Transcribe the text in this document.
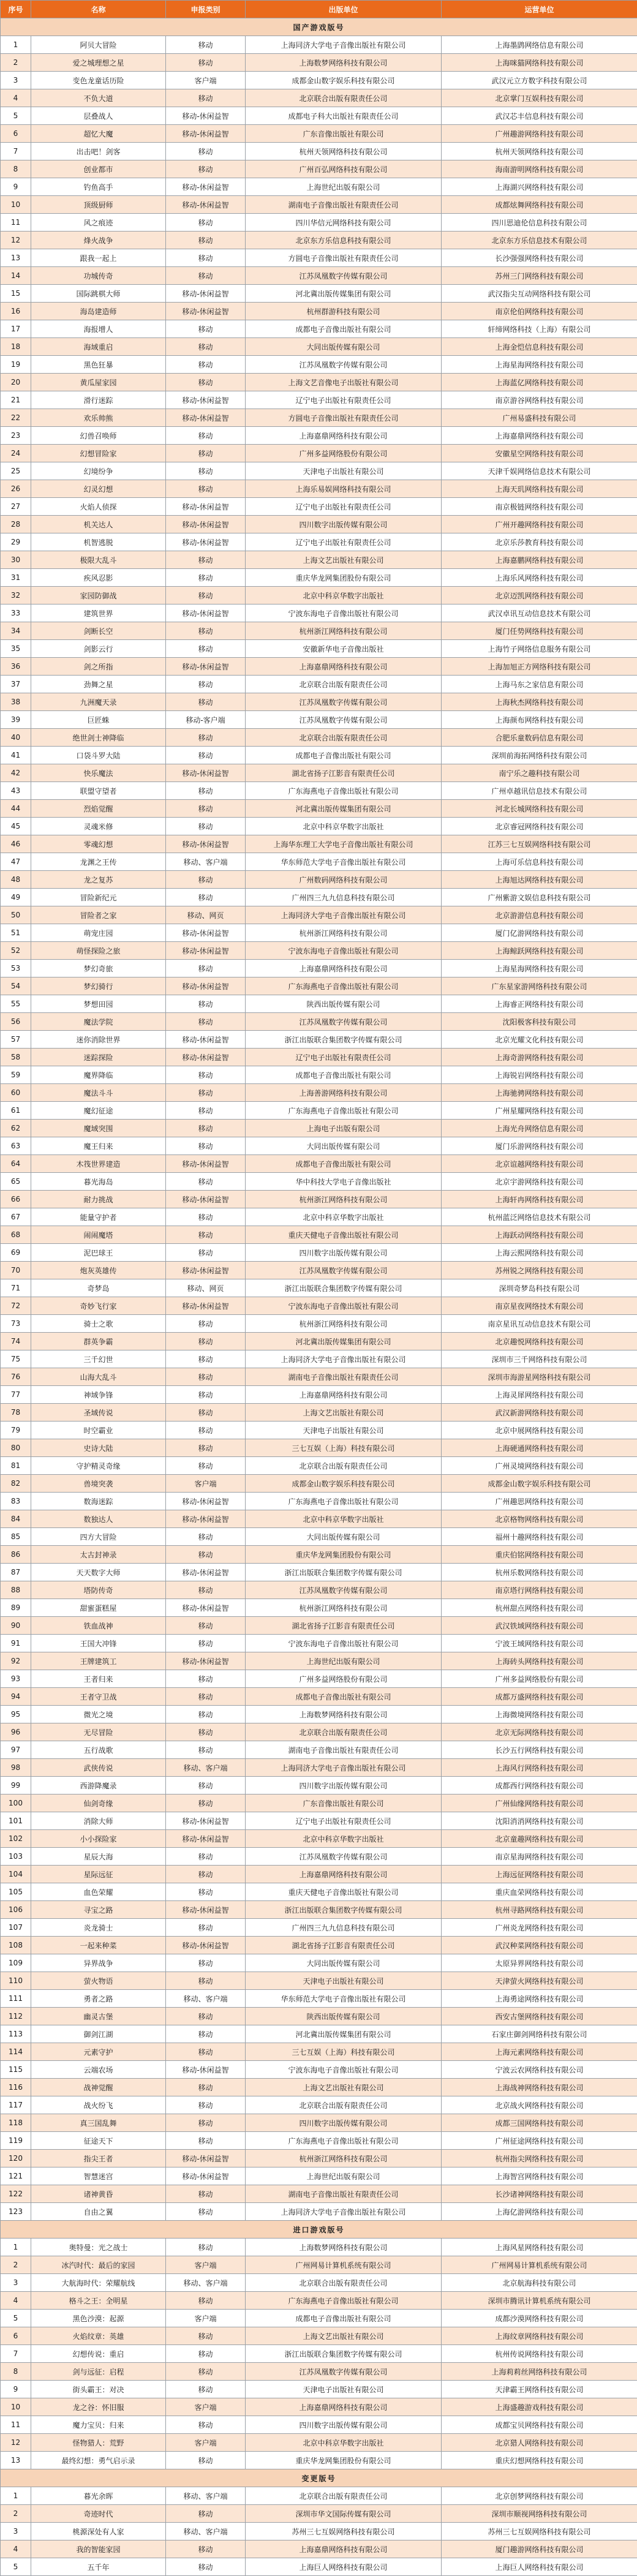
序号	名称	申报类别	出版单位	运营单位
国产游戏版号				
1	阿贝大冒险	移动	上海同济大学电子音像出版社有限公司	上海墨鹍网络信息有限公司
2	爱之城理想之星	移动	上海数梦网络科技有限公司	上海咪猫网络科技有限公司
3	变色龙童话历险	客户端	成都金山数字娱乐科技有限公司	武汉元立方数字科技有限公司
4	不负大道	移动	北京联合出版有限责任公司	北京掌门互娱科技有限公司
5	层叠战人	移动-休闲益智	成都电子科大出版社有限责任公司	武汉芯丰信息科技有限公司
6	超忆大魔	移动-休闲益智	广东音像出版社有限公司	广州趣游网络科技有限公司
7	出击吧！剑客	移动	杭州天领网络科技有限公司	杭州天领网络科技有限公司
8	创业都市	移动	广州百弘网络科技有限公司	海南游明网络科技有限公司
9	钓鱼高手	移动-休闲益智	上海世纪出版有限公司	上海湖兴网络科技有限公司
10	顶级厨师	移动-休闲益智	湖南电子音像出版社有限责任公司	成都炫舞网络科技有限公司
11	风之痕迹	移动	四川华信元网络科技有限公司	四川思迪伦信息科技有限公司
12	烽火战争	移动	北京东方乐信息科技有限公司	北京东方乐信息技术有限公司
13	跟我一起上	移动	方圆电子音像出版社有限责任公司	长沙强强网络科技有限公司
14	功城传奇	移动	江苏凤凰数字传媒有限公司	苏州三门网络科技有限公司
15	国际跳棋大师	移动-休闲益智	河北冀出版传媒集团有限公司	武汉指尖互动网络科技有限公司
16	海岛建造师	移动-休闲益智	杭州群游科技有限公司	南京伦伯网络科技有限公司
17	海报增人	移动	成都电子音像出版社有限公司	轩缔网络科技（上海）有限公司
18	海域重启	移动	大同出版传媒有限公司	上海金恺信息科技有限公司
19	黑色狂暴	移动	江苏凤凰数字传媒有限公司	上海星海网络科技有限公司
20	黄瓜屋家园	移动	上海文艺音像电子出版社有限公司	上海蓝亿网络科技有限公司
21	滑行迷踪	移动-休闲益智	辽宁电子出版社有限责任公司	南京游谷网络科技有限公司
22	欢乐帅熊	移动-休闲益智	方圆电子音像出版社有限责任公司	广州易盛科技有限公司
23	幻兽召唤师	移动	上海嘉鼎网络科技有限公司	上海嘉鼎网络科技有限公司
24	幻想冒险家	移动	广州多益网络股份有限公司	安徽星空网络科技有限公司
25	幻境纷争	移动	天津电子出版社有限公司	天津千娱网络信息技术有限公司
26	幻灵幻想	移动	上海乐易娱网络科技有限公司	上海天玑网络科技有限公司
27	火焰人侦探	移动-休闲益智	辽宁电子出版社有限责任公司	南京极链网络科技有限公司
28	机关达人	移动-休闲益智	四川数字出版传媒有限公司	广州开趣网络科技有限公司
29	机智逃脱	移动-休闲益智	辽宁电子出版社有限责任公司	北京乐莎教育科技有限公司
30	极限大乱斗	移动	上海文艺出版社有限公司	上海嘉鹏网络科技有限公司
31	疾风忍影	移动	重庆华龙网集团股份有限公司	上海乐风网络科技有限公司
32	家园防御战	移动	北京中科京华数字出版社	北京迈凯网络科技有限公司
33	建筑世界	移动-休闲益智	宁波东海电子音像出版社有限公司	武汉卓讯互动信息技术有限公司
34	剑断长空	移动	杭州浙江网络科技有限公司	厦门任势网络科技有限公司
35	剑影云行	移动	安徽新华电子音像出版社	上海竹子网络信息服务有限公司
36	剑之所指	移动-休闲益智	上海嘉鼎网络科技有限公司	上海加旭正方网络科技有限公司
37	劲舞之星	移动	北京联合出版有限责任公司	上海马东之家信息有限公司
38	九洲魔天录	移动	江苏凤凰数字传媒有限公司	上海秋杰网络科技有限公司
39	巨匠蛛	移动-客户端	江苏凤凰数字传媒有限公司	上海颜布网络科技有限公司
40	绝世剑士神降临	移动	北京联合出版有限责任公司	合肥乐童数码信息有限公司
41	口袋斗罗大陆	移动	成都电子音像出版社有限公司	深圳前海拓网络科技有限公司
42	快乐魔法	移动-休闲益智	湖北省扬子江影音有限责任公司	南宁乐之趣科技有限公司
43	联盟守望者	移动	广东海燕电子音像出版社有限公司	广州卓越讯信息技术有限公司
44	烈焰觉醒	移动	河北冀出版传媒集团有限公司	河北长城网络科技有限公司
45	灵魂米修	移动	北京中科京华数字出版社	北京睿冠网络科技有限公司
46	零魂幻想	移动-休闲益智	上海华东理工大学电子音像出版社有限公司	江苏三七互娱网络科技有限公司
47	龙渊之王传	移动、客户端	华东师范大学电子音像出版社有限公司	上海可乐信息科技有限公司
48	龙之复苏	移动	广州数码网络科技有限公司	上海旭达网络科技有限公司
49	冒险新纪元	移动	广州四三九九信息科技有限公司	广州紫游文娱信息科技有限公司
50	冒险者之家	移动、网页	上海同济大学电子音像出版社有限公司	北京游游信息科技有限公司
51	萌宠庄园	移动-休闲益智	杭州浙江网络科技有限公司	厦门亿游网络科技有限公司
52	萌怪探险之旅	移动-休闲益智	宁波东海电子音像出版社有限公司	上海鲸跃网络科技有限公司
53	梦幻奇旅	移动	上海嘉鼎网络科技有限公司	上海星海网络科技有限公司
54	梦幻骑行	移动-休闲益智	广东海燕电子音像出版社有限公司	广东星家游网络科技有限公司
55	梦想田园	移动	陕西出版传媒有限公司	上海睿正网络科技有限公司
56	魔法学院	移动	江苏凤凰数字传媒有限公司	沈阳极客科技有限公司
57	迷你消除世界	移动-休闲益智	浙江出版联合集团数字传媒有限公司	北京光耀文化科技有限公司
58	迷踪探险	移动-休闲益智	辽宁电子出版社有限责任公司	上海奇游网络科技有限公司
59	魔界降临	移动	成都电子音像出版社有限公司	上海锐岩网络科技有限公司
60	魔法斗斗	移动	上海善游网络科技有限公司	上海驰骋网络科技有限公司
61	魔幻征途	移动	广东海燕电子音像出版社有限公司	广州星耀网络科技有限公司
62	魔域突围	移动	上海电子出版有限公司	上海光舟网络信息有限公司
63	魔王归来	移动	大同出版传媒有限公司	厦门乐游网络科技有限公司
64	木筏世界建造	移动-休闲益智	成都电子音像出版社有限公司	北京谊越网络科技有限公司
65	暮光海岛	移动	华中科技大学电子音像出版社	北京宇游网络科技有限公司
66	耐力挑战	移动-休闲益智	杭州浙江网络科技有限公司	上海轩冉网络科技有限公司
67	能量守护者	移动	北京中科京华数字出版社	杭州蓝泛网络信息技术有限公司
68	闹闹魔塔	移动	重庆天健电子音像出版社有限公司	上海跃动网络科技有限公司
69	泥巴球王	移动	四川数字出版传媒有限公司	上海云熙网络科技有限公司
70	炮灰英雄传	移动-休闲益智	江苏凤凰数字传媒有限公司	苏州锐之网络科技有限公司
71	奇梦岛	移动、网页	浙江出版联合集团数字传媒有限公司	深圳奇梦岛科技有限公司
72	奇妙飞行家	移动-休闲益智	宁波东海电子音像出版社有限公司	南京星夜网络技术有限公司
73	骑士之歌	移动	杭州浙江网络科技有限公司	南京星讯互动信息技术有限公司
74	群英争霸	移动	河北冀出版传媒集团有限公司	北京趣悦网络科技有限公司
75	三千幻世	移动	上海同济大学电子音像出版社有限公司	深圳市三千网络科技有限公司
76	山海大乱斗	移动	湖南电子音像出版社有限责任公司	深圳市海游星网络科技有限公司
77	神域争锋	移动	上海嘉鼎网络科技有限公司	上海灵犀网络科技有限公司
78	圣域传说	移动	上海文艺出版社有限公司	武汉新游网络科技有限公司
79	时空霸业	移动	天津电子出版社有限公司	北京中展网络科技有限公司
80	史诗大陆	移动	三七互娱（上海）科技有限公司	上海硬通网络科技有限公司
81	守护精灵奇缘	移动	北京联合出版有限责任公司	广州灵境网络科技有限公司
82	兽境突袭	客户端	成都金山数字娱乐科技有限公司	成都金山数字娱乐科技有限公司
83	数海迷踪	移动-休闲益智	广东海燕电子音像出版社有限公司	广州趣思网络科技有限公司
84	数独达人	移动-休闲益智	北京中科京华数字出版社	北京格物网络科技有限公司
85	四方大冒险	移动	大同出版传媒有限公司	福州十趣网络科技有限公司
86	太古封神录	移动	重庆华龙网集团股份有限公司	重庆伯铭网络科技有限公司
87	天天数字大师	移动-休闲益智	浙江出版联合集团数字传媒有限公司	杭州乐数网络科技有限公司
88	塔防传奇	移动	江苏凤凰数字传媒有限公司	南京塔行网络科技有限公司
89	甜蜜蛋糕屋	移动-休闲益智	杭州浙江网络科技有限公司	杭州甜点网络科技有限公司
90	铁血战神	移动	湖北省扬子江影音有限责任公司	武汉铁域网络科技有限公司
91	王国大冲锋	移动	宁波东海电子音像出版社有限公司	宁波王域网络科技有限公司
92	王牌建筑工	移动-休闲益智	上海世纪出版有限公司	上海砖头网络科技有限公司
93	王者归来	移动	广州多益网络股份有限公司	广州多益网络股份有限公司
94	王者守卫战	移动	成都电子音像出版社有限公司	成都万盛网络科技有限公司
95	微光之境	移动	上海数梦网络科技有限公司	上海微境网络科技有限公司
96	无尽冒险	移动	北京联合出版有限责任公司	北京无际网络科技有限公司
97	五行战歌	移动	湖南电子音像出版社有限责任公司	长沙五行网络科技有限公司
98	武侠传说	移动、客户端	上海同济大学电子音像出版社有限公司	上海风行网络科技有限公司
99	西游降魔录	移动	四川数字出版传媒有限公司	成都西行网络科技有限公司
100	仙剑奇缘	移动	广东音像出版社有限公司	广州仙缘网络科技有限公司
101	消除大师	移动-休闲益智	辽宁电子出版社有限责任公司	沈阳消消网络科技有限公司
102	小小探险家	移动-休闲益智	北京中科京华数字出版社	北京童趣网络科技有限公司
103	星辰大海	移动	江苏凤凰数字传媒有限公司	南京星海网络科技有限公司
104	星际远征	移动	上海嘉鼎网络科技有限公司	上海远征网络科技有限公司
105	血色荣耀	移动	重庆天健电子音像出版社有限公司	重庆血荣网络科技有限公司
106	寻宝之路	移动-休闲益智	浙江出版联合集团数字传媒有限公司	杭州寻路网络科技有限公司
107	炎龙骑士	移动	广州四三九九信息科技有限公司	广州炎龙网络科技有限公司
108	一起来种菜	移动-休闲益智	湖北省扬子江影音有限责任公司	武汉种菜网络科技有限公司
109	异界战争	移动	大同出版传媒有限公司	太原异界网络科技有限公司
110	萤火物语	移动	天津电子出版社有限公司	天津萤火网络科技有限公司
111	勇者之路	移动、客户端	华东师范大学电子音像出版社有限公司	上海勇途网络科技有限公司
112	幽灵古堡	移动	陕西出版传媒有限公司	西安古堡网络科技有限公司
113	御剑江湖	移动	河北冀出版传媒集团有限公司	石家庄御剑网络科技有限公司
114	元素守护	移动	三七互娱（上海）科技有限公司	上海元素网络科技有限公司
115	云端农场	移动-休闲益智	宁波东海电子音像出版社有限公司	宁波云农网络科技有限公司
116	战神觉醒	移动	上海文艺出版社有限公司	上海战神网络科技有限公司
117	战火纷飞	移动	北京联合出版有限责任公司	北京战火网络科技有限公司
118	真三国乱舞	移动	四川数字出版传媒有限公司	成都三国网络科技有限公司
119	征途天下	移动	广东海燕电子音像出版社有限公司	广州征途网络科技有限公司
120	指尖王者	移动-休闲益智	杭州浙江网络科技有限公司	杭州指尖网络科技有限公司
121	智慧迷宫	移动-休闲益智	上海世纪出版有限公司	上海智宫网络科技有限公司
122	诸神黄昏	移动	湖南电子音像出版社有限责任公司	长沙诸神网络科技有限公司
123	自由之翼	移动	上海同济大学电子音像出版社有限公司	上海亿游网络科技有限公司
进口游戏版号				
1	奥特曼：光之战士	移动	上海数梦网络科技有限公司	上海风星网络科技有限公司
2	冰汽时代：最后的家园	客户端	广州网易计算机系统有限公司	广州网易计算机系统有限公司
3	大航海时代：荣耀航线	移动、客户端	北京联合出版有限责任公司	北京航海科技有限公司
4	格斗之王：全明星	移动	广东海燕电子音像出版社有限公司	深圳市腾讯计算机系统有限公司
5	黑色沙漠：起源	客户端	成都电子音像出版社有限公司	成都沙漠网络科技有限公司
6	火焰纹章：英雄	移动	上海文艺出版社有限公司	上海纹章网络科技有限公司
7	幻想传说：重启	移动	浙江出版联合集团数字传媒有限公司	杭州传说网络科技有限公司
8	剑与远征：启程	移动	江苏凤凰数字传媒有限公司	上海莉莉丝网络科技有限公司
9	街头霸王：对决	移动	天津电子出版社有限公司	天津霸王网络科技有限公司
10	龙之谷：怀旧服	客户端	上海嘉鼎网络科技有限公司	上海盛趣游戏科技有限公司
11	魔力宝贝：归来	移动	四川数字出版传媒有限公司	成都宝贝网络科技有限公司
12	怪物猎人：荒野	客户端	北京中科京华数字出版社	北京猎人网络科技有限公司
13	最终幻想：勇气启示录	移动	重庆华龙网集团股份有限公司	重庆幻想网络科技有限公司
变更版号				
1	暮光余晖	移动、客户端	北京联合出版有限责任公司	北京创梦网络科技有限公司
2	奇迹时代	移动	深圳市华文国际传媒有限公司	深圳市顺视网络科技有限公司
3	桃源深处有人家	移动、客户端	苏州三七互娱网络科技有限公司	苏州三七互娱网络科技有限公司
4	我的智能家园	移动	上海嘉鼎网络科技有限公司	厦门趣游网络科技有限公司
5	五千年	移动	上海巨人网络科技有限公司	上海巨人网络科技有限公司
